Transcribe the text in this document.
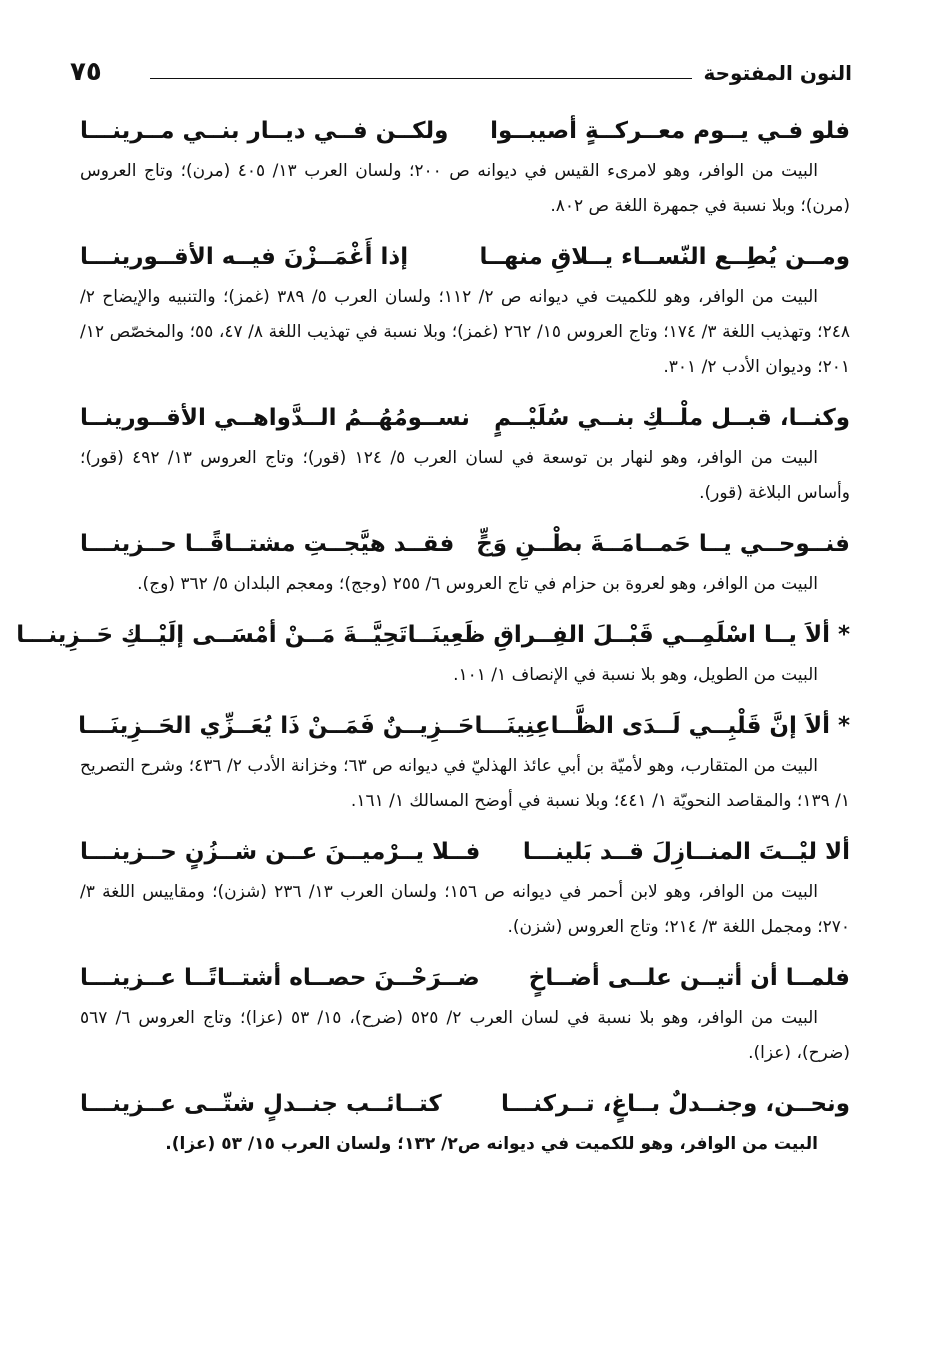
النون المفتوحة
٧٥
فلو فـي يــوم معــركــةٍ أصيبــوا
ولكــن فــي ديــار بنــي مــرينـــا
البيت من الوافر، وهو لامرىء القيس في ديوانه ص ٢٠٠؛ ولسان العرب ١٣/ ٤٠٥ (مرن)؛ وتاج العروس (مرن)؛ وبلا نسبة في جمهرة اللغة ص ٨٠٢.
ومــن يُطِــع النّســاء يــلاقِ منهــا
إذا أَغْمَــزْنَ فيــه الأقــورينـــا
البيت من الوافر، وهو للكميت في ديوانه ص ٢/ ١١٢؛ ولسان العرب ٥/ ٣٨٩ (غمز)؛ والتنبيه والإيضاح ٢/ ٢٤٨؛ وتهذيب اللغة ٣/ ١٧٤؛ وتاج العروس ١٥/ ٢٦٢ (غمز)؛ وبلا نسبة في تهذيب اللغة ٨/ ٤٧، ٥٥؛ والمخصّص ١٢/ ٢٠١؛ وديوان الأدب ٢/ ٣٠١.
وكنــا، قبــل ملْــكِ بنــي سُلَيْــمٍ
نســومُهُــمُ الــدَّواهــي الأقــورينــا
البيت من الوافر، وهو لنهار بن توسعة في لسان العرب ٥/ ١٢٤ (قور)؛ وتاج العروس ١٣/ ٤٩٢ (قور)؛ وأساس البلاغة (قور).
فنــوحــي يــا حَمــامَــةَ بطْــنِ وَجٍّ
فقــد هيَّجــتِ مشتــاقًــا حــزينـــا
البيت من الوافر، وهو لعروة بن حزام في تاج العروس ٦/ ٢٥٥ (وجج)؛ ومعجم البلدان ٥/ ٣٦٢ (وج).
* ألاَ يــا اسْلَمِــي قَبْــلَ الفِــراقِ ظَعِينَــا
تَحِيَّــةَ مَــنْ أمْسَــى إلَيْــكِ حَــزِينـــا
البيت من الطويل، وهو بلا نسبة في الإنصاف ١/ ١٠١.
* ألاَ إنَّ قَلْبِــي لَــدَى الظَّــاعِنِينَـــا
حَــزِيــنٌ فَمَــنْ ذَا يُعَــزِّي الحَــزِينَـــا
البيت من المتقارب، وهو لأميّة بن أبي عائذ الهذليّ في ديوانه ص ٦٣؛ وخزانة الأدب ٢/ ٤٣٦؛ وشرح التصريح ١/ ١٣٩؛ والمقاصد النحويّة ١/ ٤٤١؛ وبلا نسبة في أوضح المسالك ١/ ١٦١.
ألا ليْــتَ المنــازِلَ قــد بَلينـــا
فــلا يــرْميــنَ عــن شــزُنٍ حــزينـــا
البيت من الوافر، وهو لابن أحمر في ديوانه ص ١٥٦؛ ولسان العرب ١٣/ ٢٣٦ (شزن)؛ ومقاييس اللغة ٣/ ٢٧٠؛ ومجمل اللغة ٣/ ٢١٤؛ وتاج العروس (شزن).
فلمــا أن أتيــن علــى أضــاخٍ
ضــرَحْــنَ حصــاه أشتــاتًــا عــزينـــا
البيت من الوافر، وهو بلا نسبة في لسان العرب ٢/ ٥٢٥ (ضرح)، ١٥/ ٥٣ (عزا)؛ وتاج العروس ٦/ ٥٦٧ (ضرح)، (عزا).
ونحــن، وجنــدلٌ بــاغٍ، تــركنـــا
كتــائــب جنــدلٍ شتّــى عــزينـــا
البيت من الوافر، وهو للكميت في ديوانه ص٢/ ١٣٢؛ ولسان العرب ١٥/ ٥٣ (عزا).
